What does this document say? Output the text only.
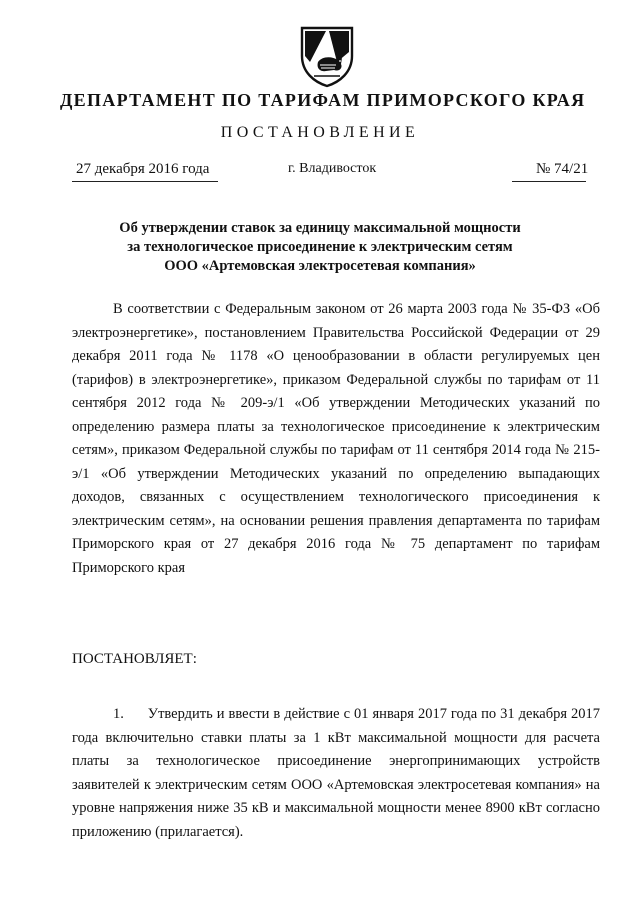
ДЕПАРТАМЕНТ ПО ТАРИФАМ ПРИМОРСКОГО КРАЯ
ПОСТАНОВЛЕНИЕ
27 декабря 2016 года	г. Владивосток	№ 74/21
Об утверждении ставок за единицу максимальной мощности
за технологическое присоединение к электрическим сетям
ООО «Артемовская электросетевая компания»

В соответствии с Федеральным законом от 26 марта 2003 года № 35-ФЗ «Об электроэнергетике», постановлением Правительства Российской Федерации от 29 декабря 2011 года № 1178 «О ценообразовании в области регулируемых цен (тарифов) в электроэнергетике», приказом Федеральной службы по тарифам от 11 сентября 2012 года № 209-э/1 «Об утверждении Методических указаний по определению размера платы за технологическое присоединение к электрическим сетям», приказом Федеральной службы по тарифам от 11 сентября 2014 года № 215-э/1 «Об утверждении Методических указаний по определению выпадающих доходов, связанных с осуществлением технологического присоединения к электрическим сетям», на основании решения правления департамента по тарифам Приморского края от 27 декабря 2016 года № 75 департамент по тарифам Приморского края

ПОСТАНОВЛЯЕТ:

1. Утвердить и ввести в действие с 01 января 2017 года по 31 декабря 2017 года включительно ставки платы за 1 кВт максимальной мощности для расчета платы за технологическое присоединение энергопринимающих устройств заявителей к электрическим сетям ООО «Артемовская электросетевая компания» на уровне напряжения ниже 35 кВ и максимальной мощности менее 8900 кВт согласно приложению (прилагается).
